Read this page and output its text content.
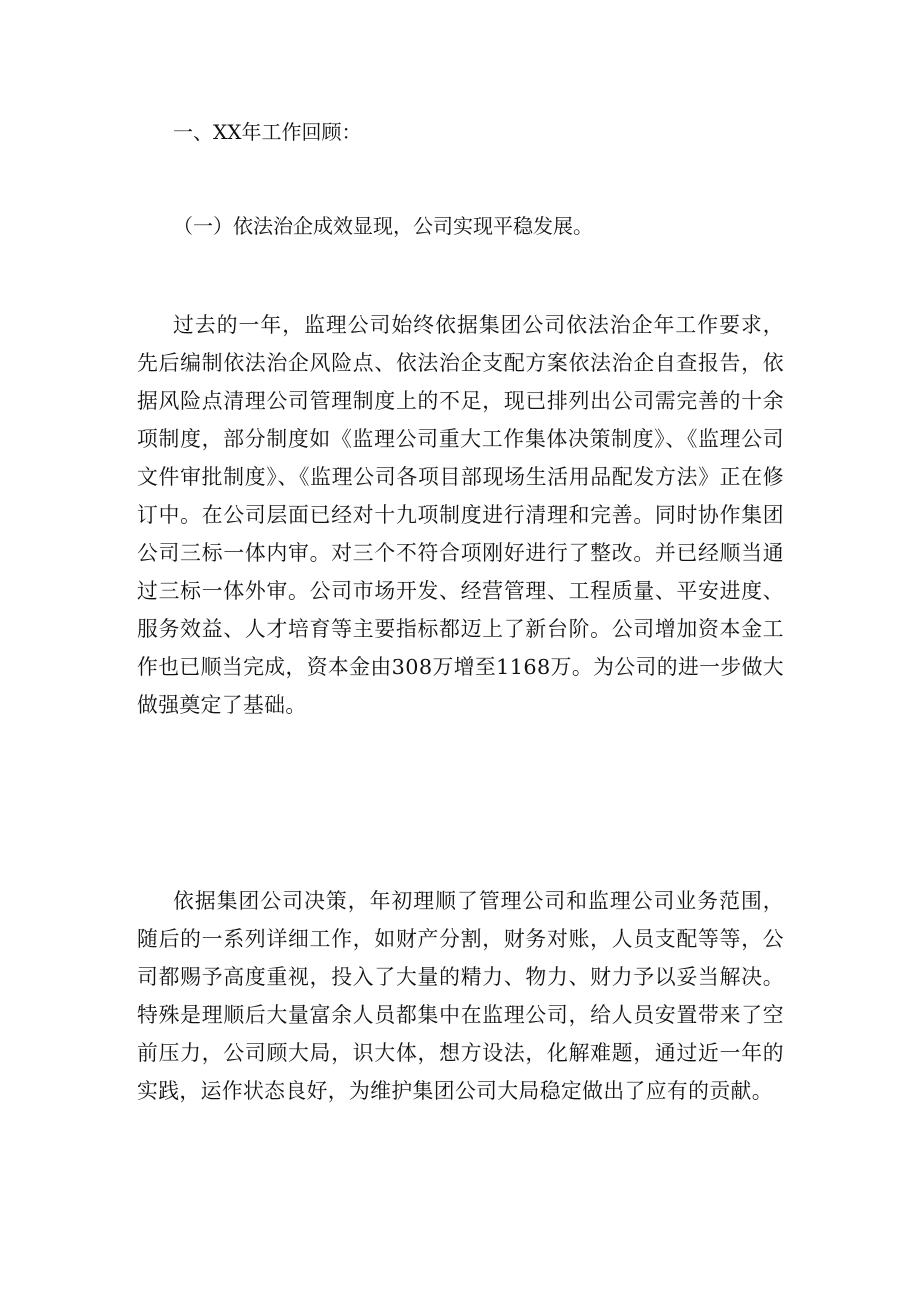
一、XX年工作回顾：
（一）依法治企成效显现，公司实现平稳发展。

过去的一年，监理公司始终依据集团公司依法治企年工作要求，先后编制依法治企风险点、依法治企支配方案依法治企自查报告，依据风险点清理公司管理制度上的不足，现已排列出公司需完善的十余项制度，部分制度如《监理公司重大工作集体决策制度》、《监理公司文件审批制度》、《监理公司各项目部现场生活用品配发方法》正在修订中。在公司层面已经对十九项制度进行清理和完善。同时协作集团公司三标一体内审。对三个不符合项刚好进行了整改。并已经顺当通过三标一体外审。公司市场开发、经营管理、工程质量、平安进度、服务效益、人才培育等主要指标都迈上了新台阶。公司增加资本金工作也已顺当完成，资本金由308万增至1168万。为公司的进一步做大做强奠定了基础。

依据集团公司决策，年初理顺了管理公司和监理公司业务范围，随后的一系列详细工作，如财产分割，财务对账，人员支配等等，公司都赐予高度重视，投入了大量的精力、物力、财力予以妥当解决。特殊是理顺后大量富余人员都集中在监理公司，给人员安置带来了空前压力，公司顾大局，识大体，想方设法，化解难题，通过近一年的实践，运作状态良好，为维护集团公司大局稳定做出了应有的贡献。
